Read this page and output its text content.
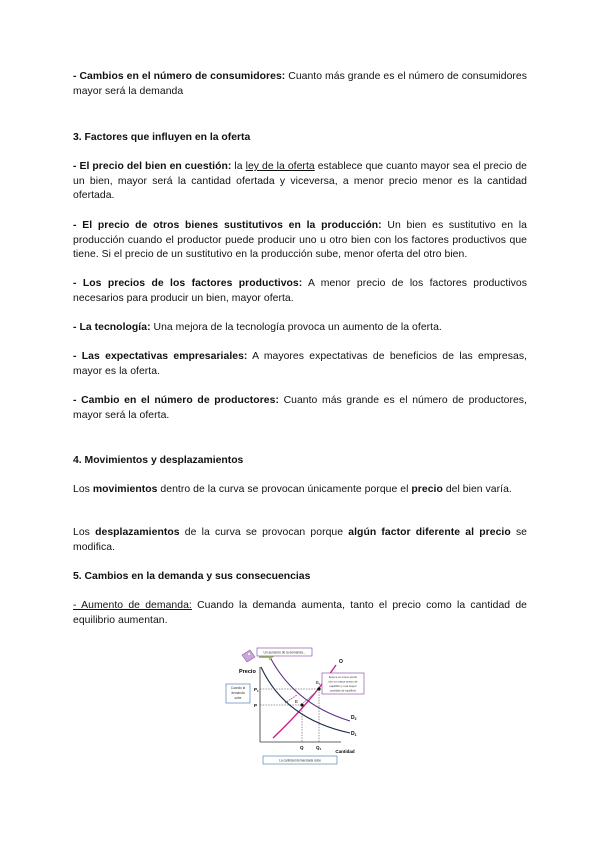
- Cambios en el número de consumidores: Cuanto más grande es el número de consumidores mayor será la demanda
3. Factores que influyen en la oferta
- El precio del bien en cuestión: la ley de la oferta establece que cuanto mayor sea el precio de un bien, mayor será la cantidad ofertada y viceversa, a menor precio menor es la cantidad ofertada.
- El precio de otros bienes sustitutivos en la producción: Un bien es sustitutivo en la producción cuando el productor puede producir uno u otro bien con los factores productivos que tiene. Si el precio de un sustitutivo en la producción sube, menor oferta del otro bien.
- Los precios de los factores productivos: A menor precio de los factores productivos necesarios para producir un bien, mayor oferta.
- La tecnología: Una mejora de la tecnología provoca un aumento de la oferta.
- Las expectativas empresariales: A mayores expectativas de beneficios de las empresas, mayor es la oferta.
- Cambio en el número de productores: Cuanto más grande es el número de productores, mayor será la oferta.
4. Movimientos y desplazamientos
Los movimientos dentro de la curva se provocan únicamente porque el precio del bien varía.
Los desplazamientos de la curva se provocan porque algún factor diferente al precio se modifica.
5. Cambios en la demanda y sus consecuencias
- Aumento de demanda: Cuando la demanda aumenta, tanto el precio como la cantidad de equilibrio aumentan.
Precio
Cantidad
O
$D_2$
$D_1$
$E_1$
E
$P_1$
P
Q	$Q_1$
Un aumento de la demanda...
Cuando la
demanda
sube
lleva a un nuevo punto
con un mayor precio de
equilibrio y una mayor
cantidad de equilibrio
La cantidad demandada sube
